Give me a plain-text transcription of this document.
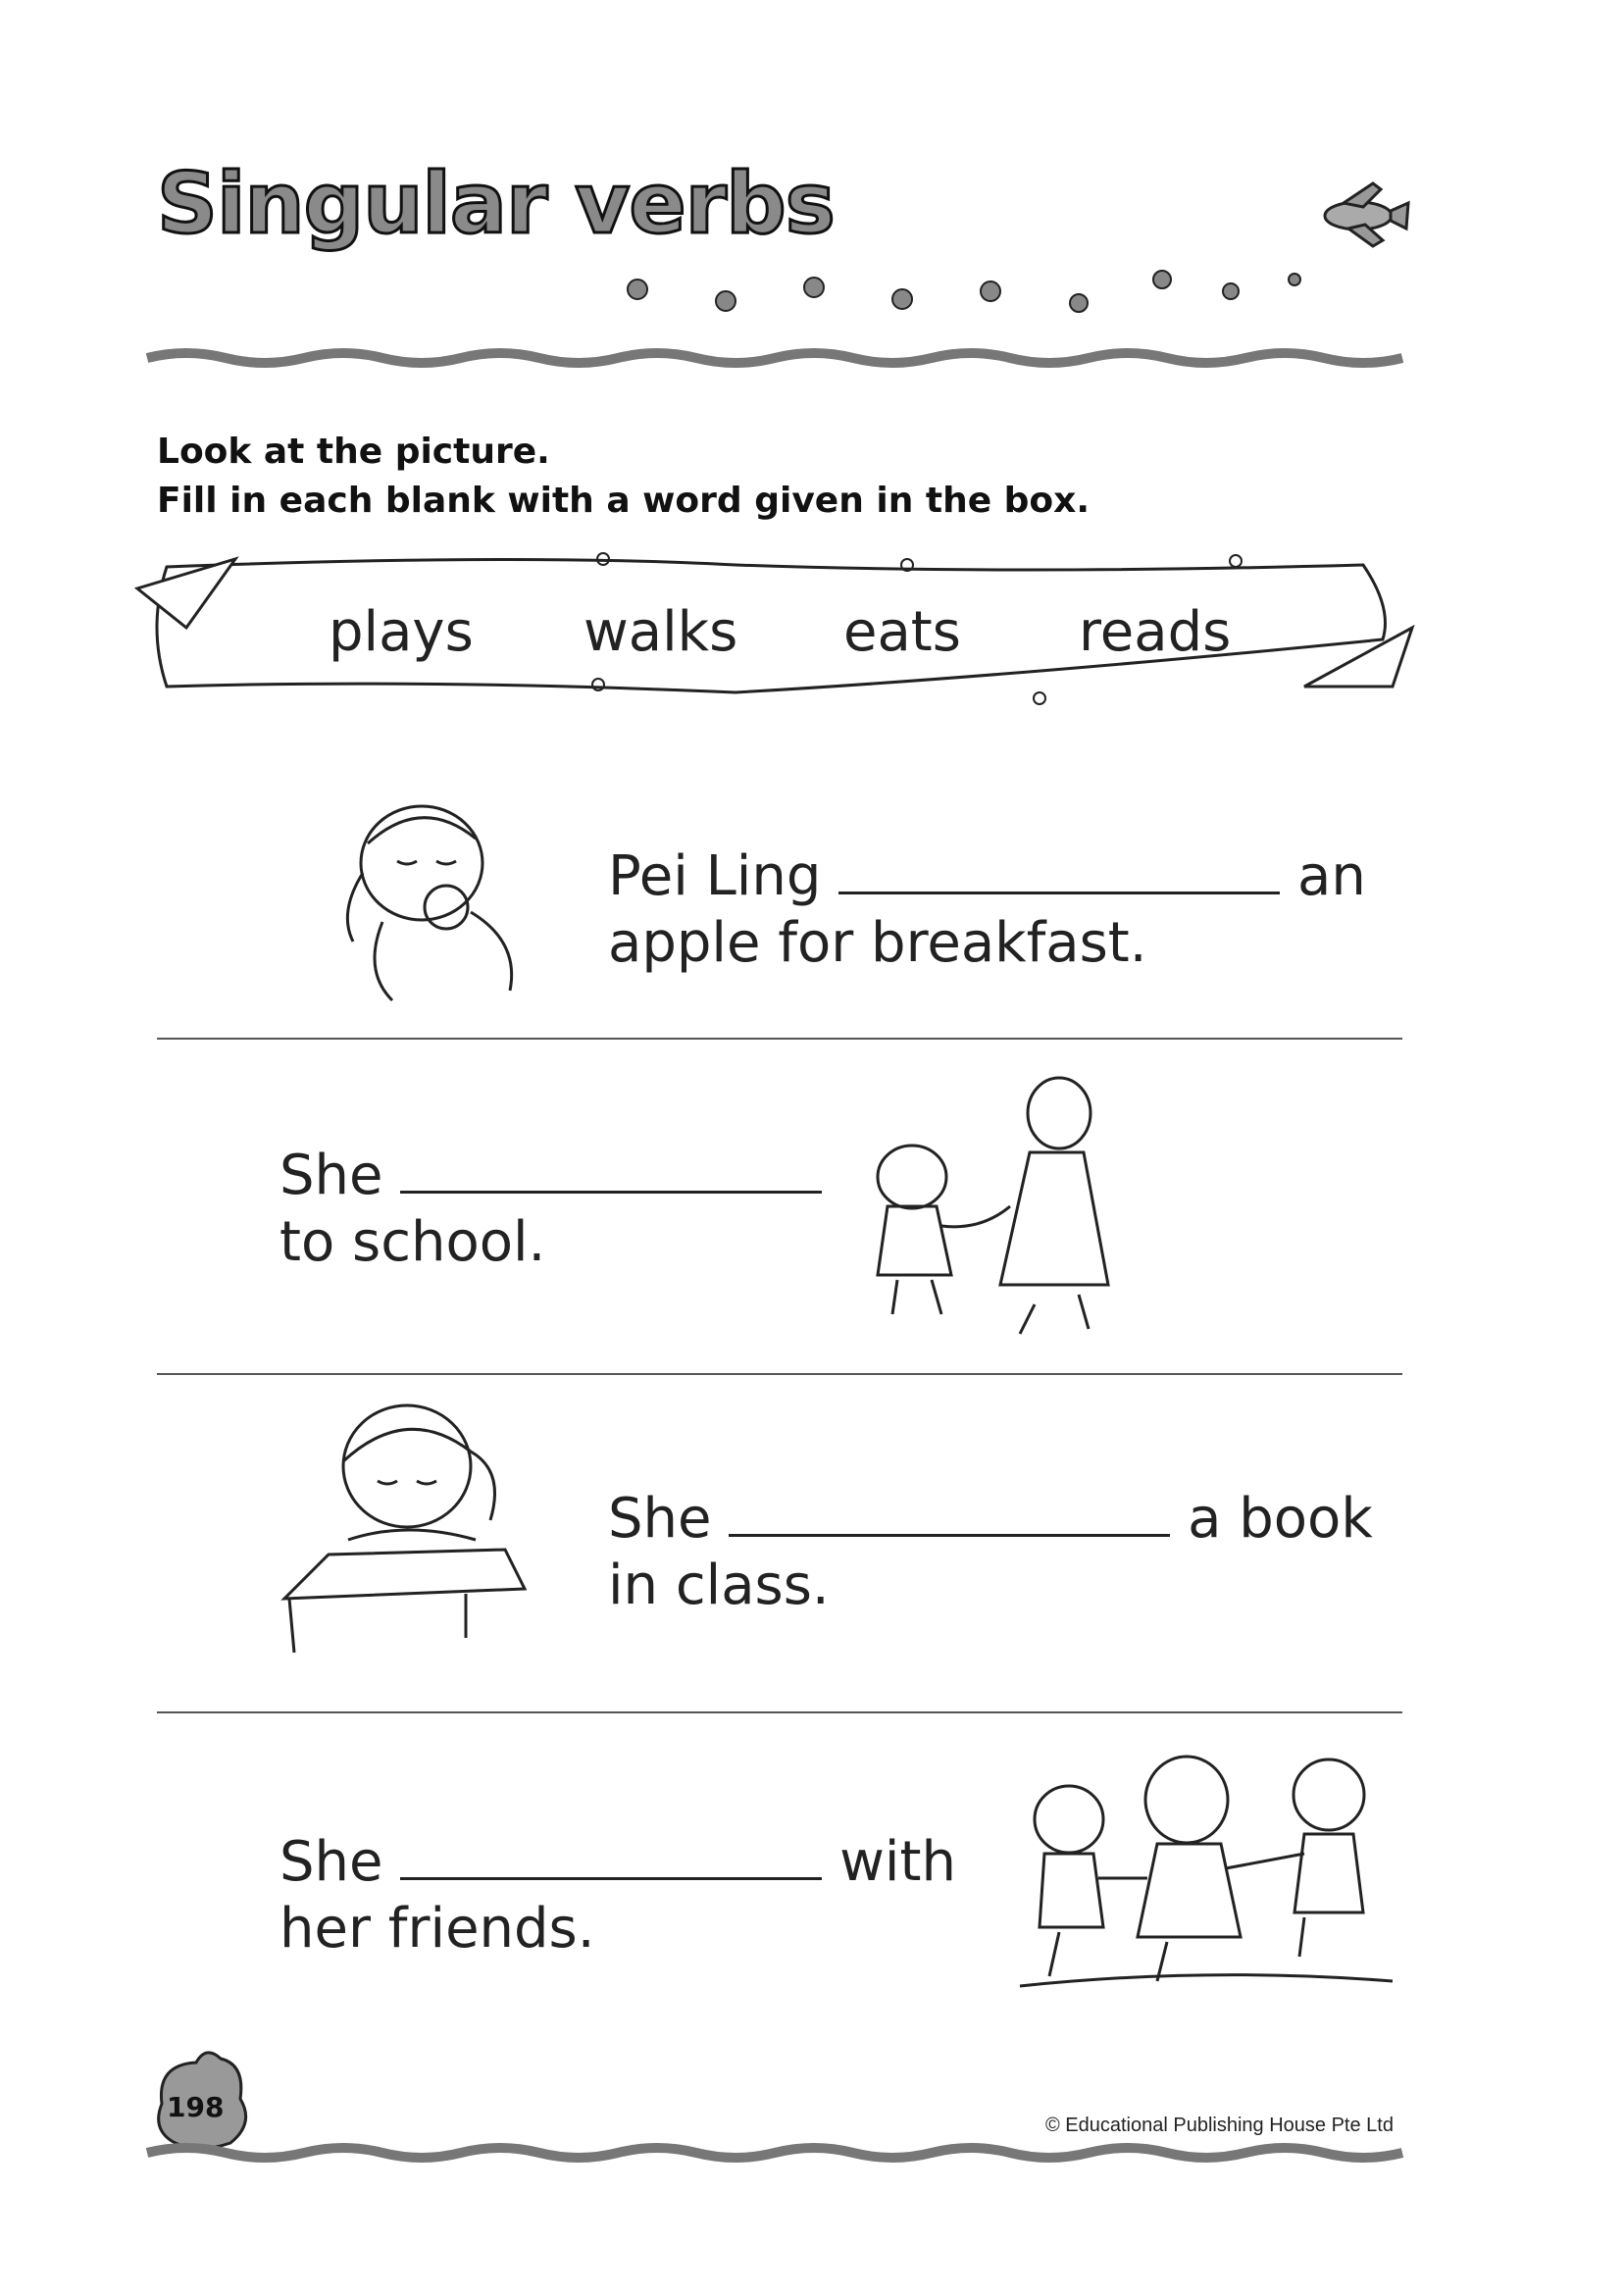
Singular verbs
Look at the picture.
Fill in each blank with a word given in the box.
plays walks eats reads
Pei Ling	an
apple for breakfast.
She
to school.
She	a book
in class.
She	with
her friends.
198
© Educational Publishing House Pte Ltd
